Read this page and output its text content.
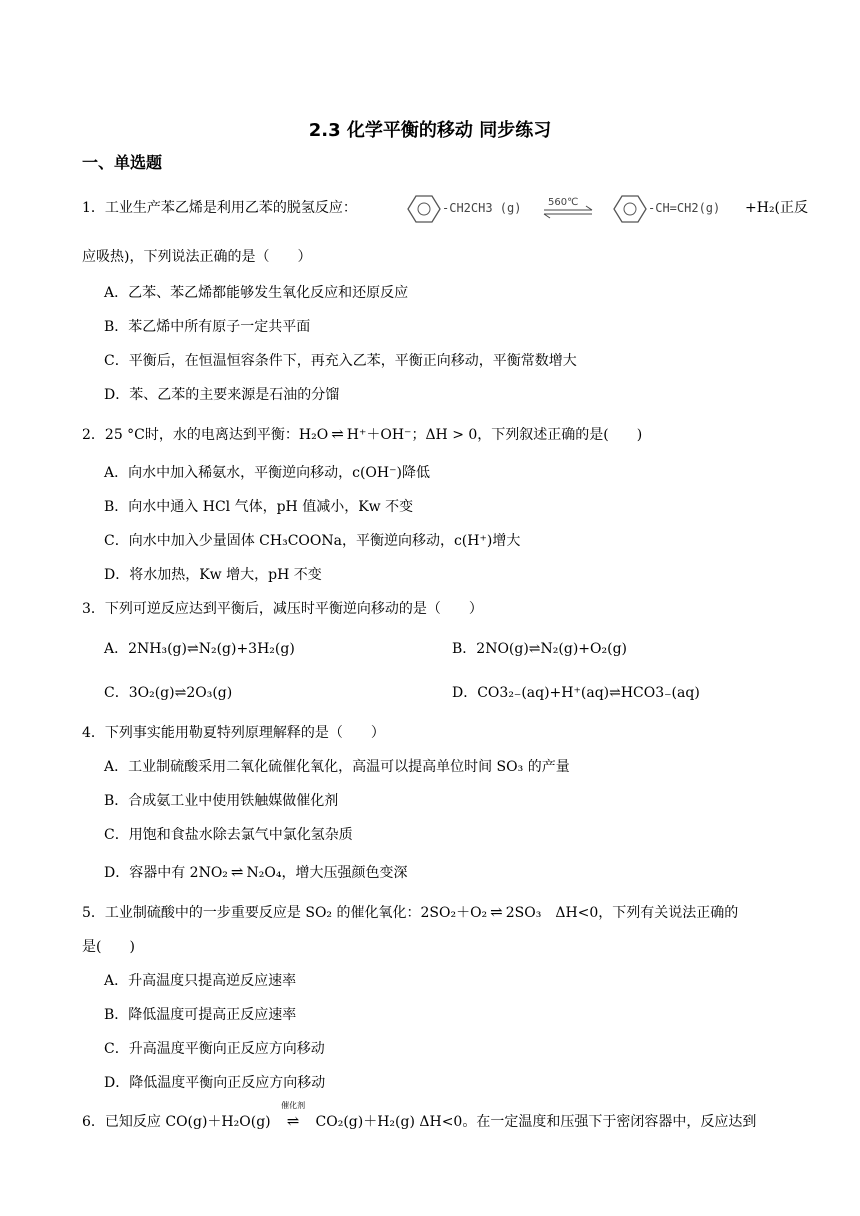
2.3 化学平衡的移动 同步练习
一、单选题
1．工业生产苯乙烯是利用乙苯的脱氢反应：	-CH2CH3 (g)	560℃	-CH=CH2(g) +H₂(正反
应吸热)，下列说法正确的是（　　）
A．乙苯、苯乙烯都能够发生氧化反应和还原反应
B．苯乙烯中所有原子一定共平面
C．平衡后，在恒温恒容条件下，再充入乙苯，平衡正向移动，平衡常数增大
D．苯、乙苯的主要来源是石油的分馏
2．25 °C时，水的电离达到平衡：H₂O ⇌ H⁺＋OH⁻；ΔH > 0，下列叙述正确的是(　　)
A．向水中加入稀氨水，平衡逆向移动，c(OH⁻)降低
B．向水中通入 HCl 气体，pH 值减小，Kw 不变
C．向水中加入少量固体 CH₃COONa，平衡逆向移动，c(H⁺)增大
D．将水加热，Kw 增大，pH 不变
3．下列可逆反应达到平衡后，减压时平衡逆向移动的是（　　）
A．2NH₃(g)⇌N₂(g)+3H₂(g)	B．2NO(g)⇌N₂(g)+O₂(g)
C．3O₂(g)⇌2O₃(g)	D．CO3₂₋(aq)+H⁺(aq)⇌HCO3₋(aq)
4．下列事实能用勒夏特列原理解释的是（　　）
A．工业制硫酸采用二氧化硫催化氧化，高温可以提高单位时间 SO₃ 的产量
B．合成氨工业中使用铁触媒做催化剂
C．用饱和食盐水除去氯气中氯化氢杂质
D．容器中有 2NO₂ ⇌ N₂O₄，增大压强颜色变深
5．工业制硫酸中的一步重要反应是 SO₂ 的催化氧化：2SO₂＋O₂ ⇌ 2SO₃　ΔH<0，下列有关说法正确的
是(　　)
A．升高温度只提高逆反应速率
B．降低温度可提高正反应速率
C．升高温度平衡向正反应方向移动
D．降低温度平衡向正反应方向移动
6．已知反应 CO(g)＋H₂O(g)
催化剂
⇌ CO₂(g)＋H₂(g) ΔH<0。在一定温度和压强下于密闭容器中，反应达到
